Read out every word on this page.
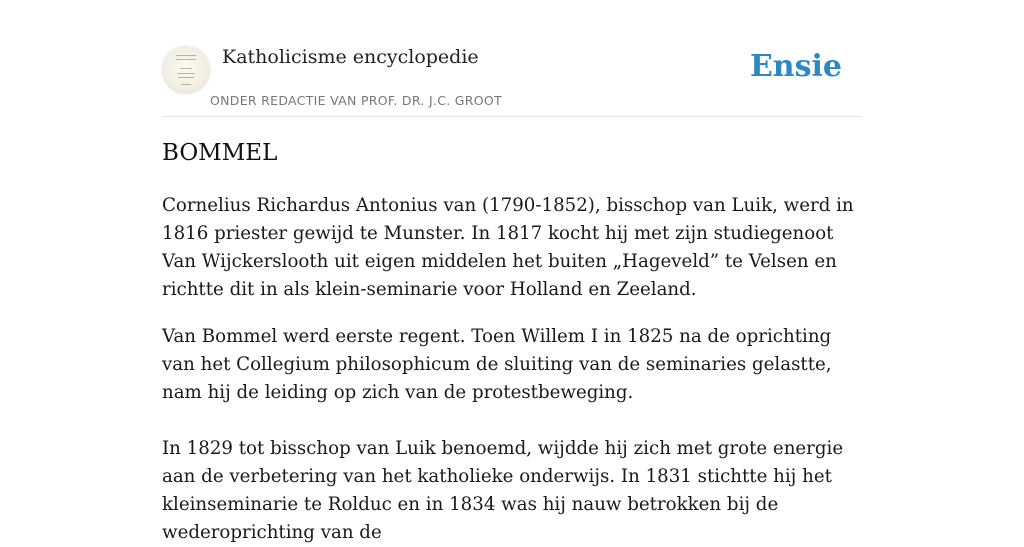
Katholicisme encyclopedie
ONDER REDACTIE VAN PROF. DR. J.C. GROOT
Ensie
BOMMEL

Cornelius Richardus Antonius van (1790-1852), bisschop van Luik, werd in 1816 priester gewijd te Munster. In 1817 kocht hij met zijn studiegenoot Van Wijckerslooth uit eigen middelen het buiten „Hageveld” te Velsen en richtte dit in als klein-seminarie voor Holland en Zeeland.

Van Bommel werd eerste regent. Toen Willem I in 1825 na de oprichting van het Collegium philosophicum de sluiting van de seminaries gelastte, nam hij de leiding op zich van de protestbeweging.

In 1829 tot bisschop van Luik benoemd, wijdde hij zich met grote energie aan de verbetering van het katholieke onderwijs. In 1831 stichtte hij het kleinseminarie te Rolduc en in 1834 was hij nauw betrokken bij de wederoprichting van de
